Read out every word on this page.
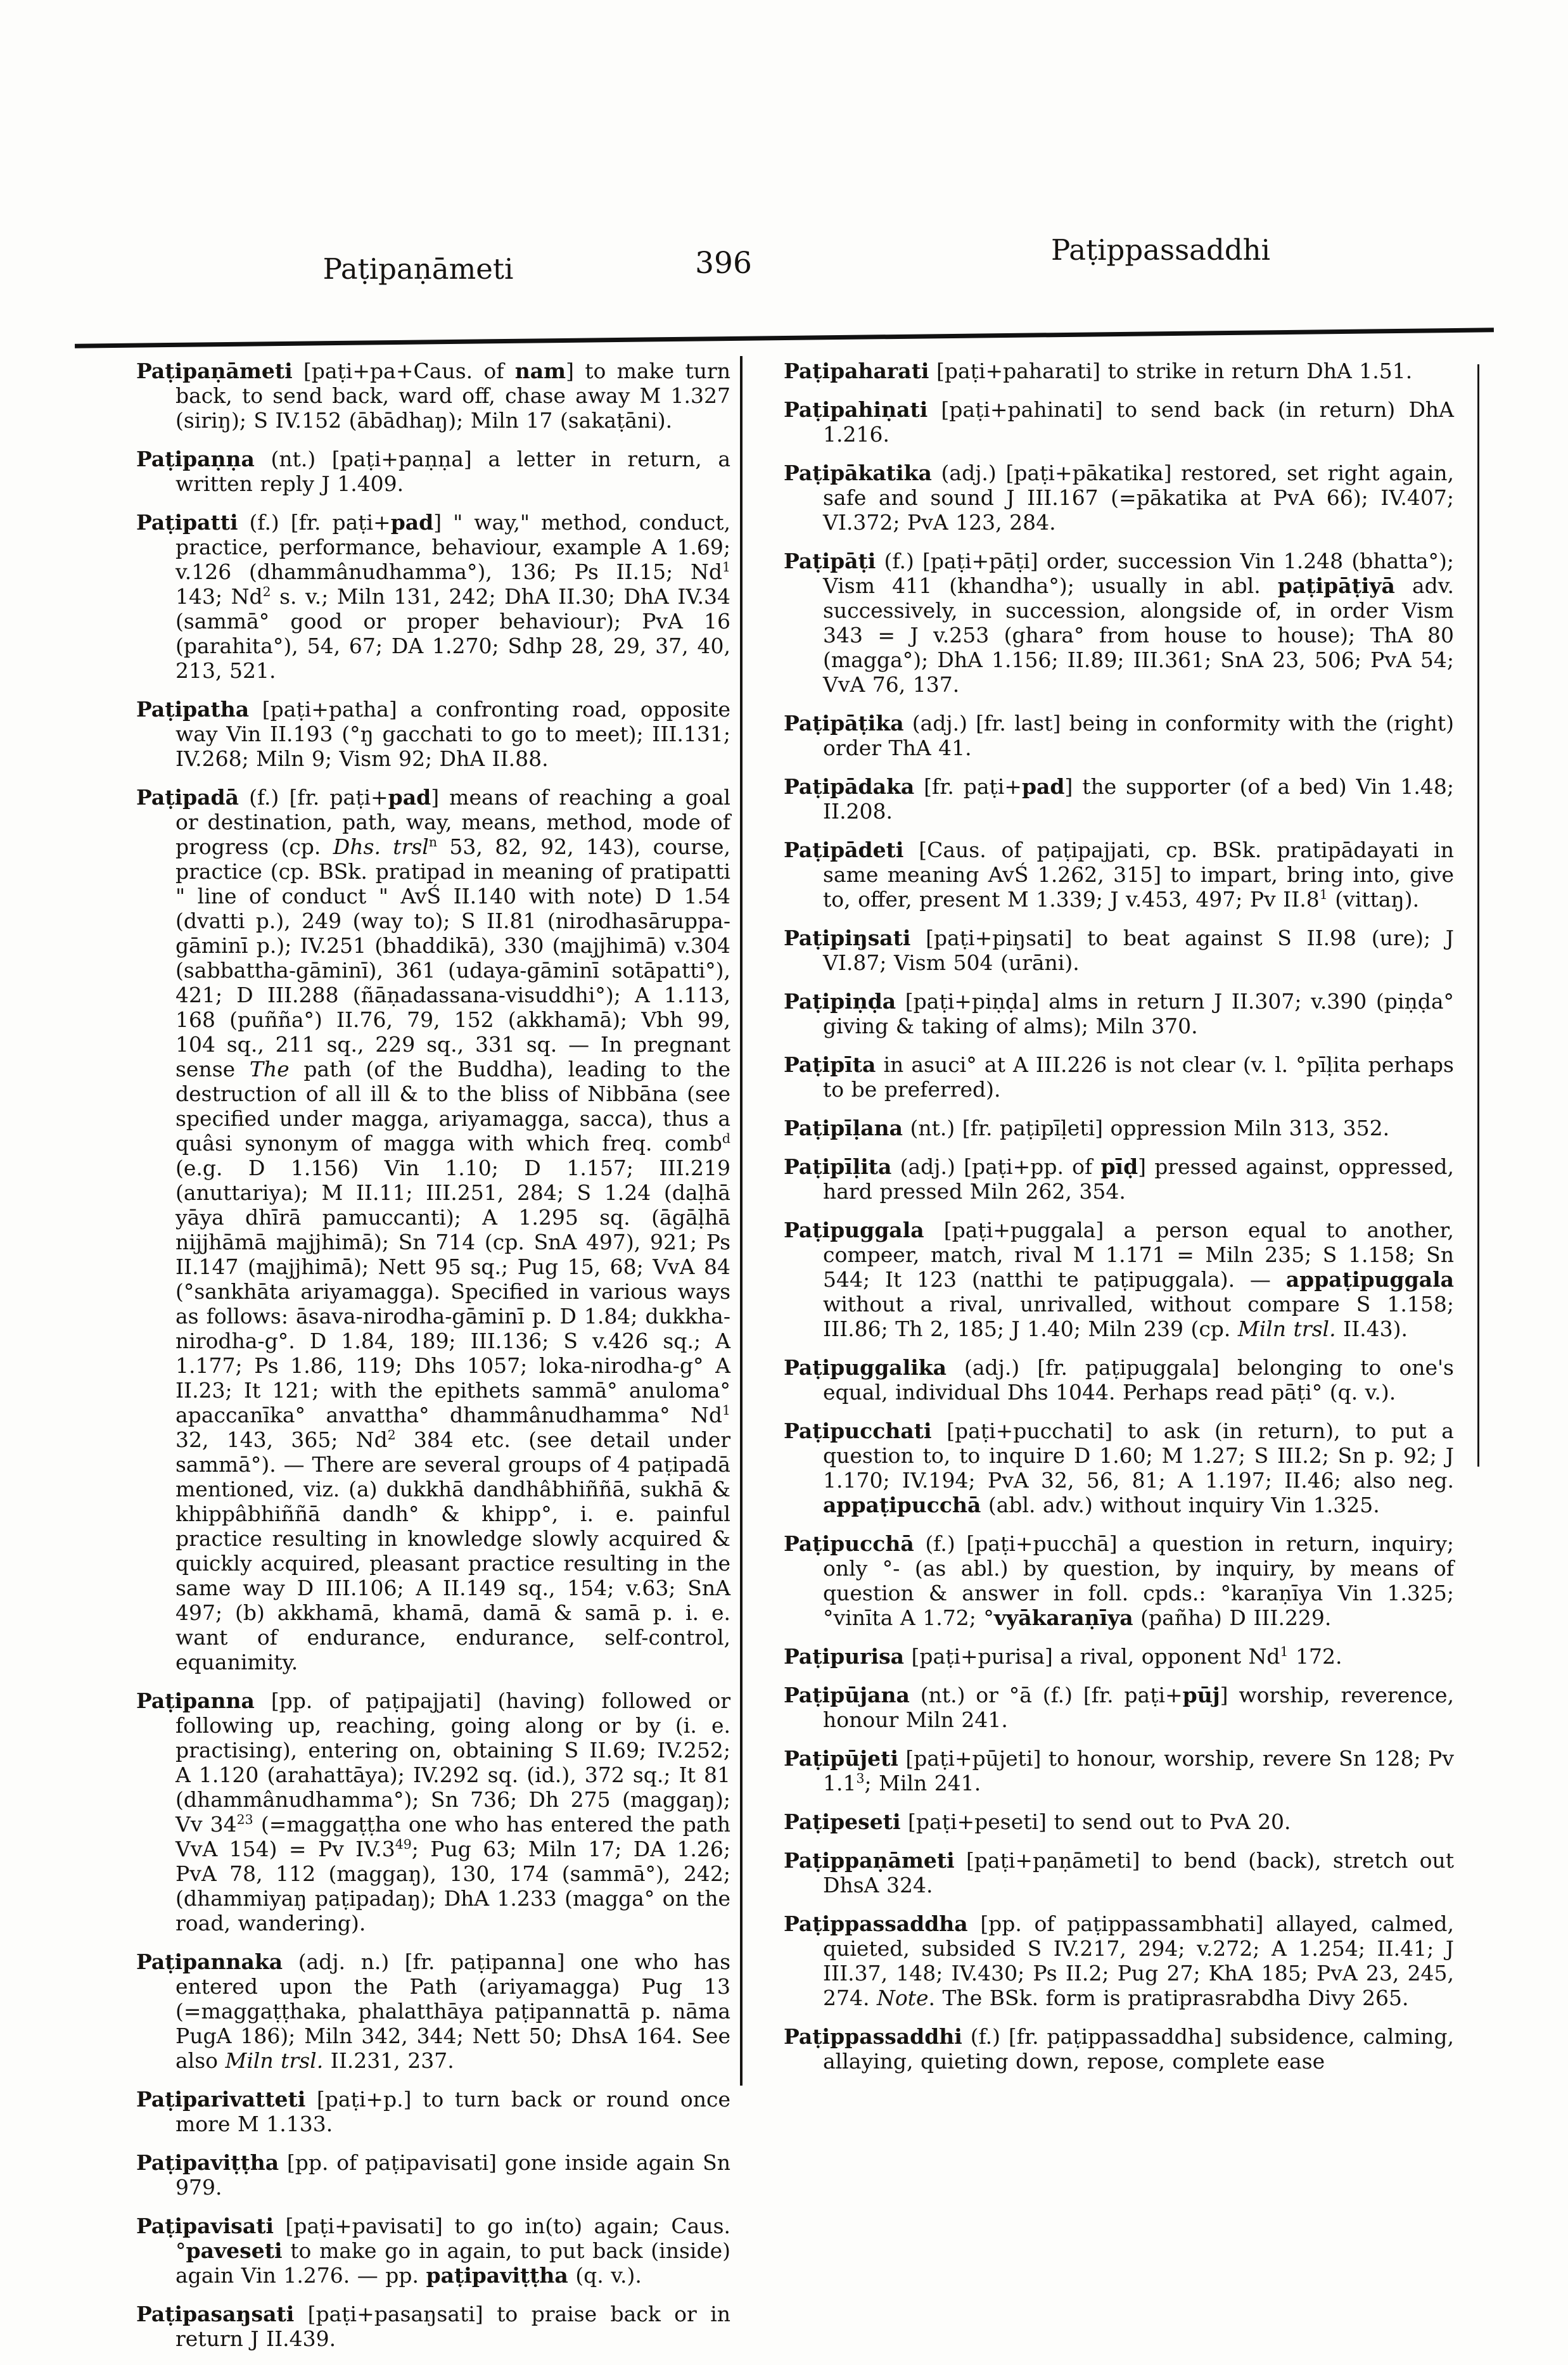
Paṭipaṇāmeti	396	Paṭippassaddhi
Paṭipaṇāmeti [paṭi+pa+Caus. of nam] to make turn back, to send back, ward off, chase away M 1.327 (siriŋ); S IV.152 (ābādhaŋ); Miln 17 (sakaṭāni).
Paṭipaṇṇa (nt.) [paṭi+paṇṇa] a letter in return, a written reply J 1.409.
Paṭipatti (f.) [fr. paṭi+pad] " way," method, conduct, practice, performance, behaviour, example A 1.69; v.126 (dhammânudhamma°), 136; Ps II.15; Nd$^1$ 143; Nd$^2$ s. v.; Miln 131, 242; DhA II.30; DhA IV.34 (sammā° good or proper behaviour); PvA 16 (parahita°), 54, 67; DA 1.270; Sdhp 28, 29, 37, 40, 213, 521.
Paṭipatha [paṭi+patha] a confronting road, opposite way Vin II.193 (°ŋ gacchati to go to meet); III.131; IV.268; Miln 9; Vism 92; DhA II.88.
Paṭipadā (f.) [fr. paṭi+pad] means of reaching a goal or destination, path, way, means, method, mode of progress (cp. Dhs. trsl$^n$ 53, 82, 92, 143), course, practice (cp. BSk. pratipad in meaning of pratipatti " line of conduct " AvŚ II.140 with note) D 1.54 (dvatti p.), 249 (way to); S II.81 (nirodhasāruppa-gāminī p.); IV.251 (bhaddikā), 330 (majjhimā) v.304 (sabbattha-gāminī), 361 (udaya-gāminī sotāpatti°), 421; D III.288 (ñāṇadassana-visuddhi°); A 1.113, 168 (puñña°) II.76, 79, 152 (akkhamā); Vbh 99, 104 sq., 211 sq., 229 sq., 331 sq. — In pregnant sense The path (of the Buddha), leading to the destruction of all ill & to the bliss of Nibbāna (see specified under magga, ariyamagga, sacca), thus a quâsi synonym of magga with which freq. comb$^d$ (e.g. D 1.156) Vin 1.10; D 1.157; III.219 (anuttariya); M II.11; III.251, 284; S 1.24 (daḷhā yāya dhīrā pamuccanti); A 1.295 sq. (āgāḷhā nijjhāmā majjhimā); Sn 714 (cp. SnA 497), 921; Ps II.147 (majjhimā); Nett 95 sq.; Pug 15, 68; VvA 84 (°sankhāta ariyamagga). Specified in various ways as follows: āsava-nirodha-gāminī p. D 1.84; dukkha-nirodha-g°. D 1.84, 189; III.136; S v.426 sq.; A 1.177; Ps 1.86, 119; Dhs 1057; loka-nirodha-g° A II.23; It 121; with the epithets sammā° anuloma° apaccanīka° anvattha° dhammânudhamma° Nd$^1$ 32, 143, 365; Nd$^2$ 384 etc. (see detail under sammā°). — There are several groups of 4 paṭipadā mentioned, viz. (a) dukkhā dandhâbhiññā, sukhā & khippâbhiññā dandh° & khipp°, i. e. painful practice resulting in knowledge slowly acquired & quickly acquired, pleasant practice resulting in the same way D III.106; A II.149 sq., 154; v.63; SnA 497; (b) akkhamā, khamā, damā & samā p. i. e. want of endurance, endurance, self-control, equanimity.
Paṭipanna [pp. of paṭipajjati] (having) followed or following up, reaching, going along or by (i. e. practising), entering on, obtaining S II.69; IV.252; A 1.120 (arahattāya); IV.292 sq. (id.), 372 sq.; It 81 (dhammânudhamma°); Sn 736; Dh 275 (maggaŋ); Vv $34^{23}$ (=maggaṭṭha one who has entered the path VvA 154) = Pv $IV.3^{49}$; Pug 63; Miln 17; DA 1.26; PvA 78, 112 (maggaŋ), 130, 174 (sammā°), 242; (dhammiyaŋ paṭipadaŋ); DhA 1.233 (magga° on the road, wandering).
Paṭipannaka (adj. n.) [fr. paṭipanna] one who has entered upon the Path (ariyamagga) Pug 13 (=maggaṭṭhaka, phalatthāya paṭipannattā p. nāma PugA 186); Miln 342, 344; Nett 50; DhsA 164. See also Miln trsl. II.231, 237.
Paṭiparivatteti [paṭi+p.] to turn back or round once more M 1.133.
Paṭipaviṭṭha [pp. of paṭipavisati] gone inside again Sn 979.
Paṭipavisati [paṭi+pavisati] to go in(to) again; Caus. °paveseti to make go in again, to put back (inside) again Vin 1.276. — pp. paṭipaviṭṭha (q. v.).
Paṭipasaŋsati [paṭi+pasaŋsati] to praise back or in return J II.439.
Paṭipaharati [paṭi+paharati] to strike in return DhA 1.51.
Paṭipahiṇati [paṭi+pahinati] to send back (in return) DhA 1.216.
Paṭipākatika (adj.) [paṭi+pākatika] restored, set right again, safe and sound J III.167 (=pākatika at PvA 66); IV.407; VI.372; PvA 123, 284.
Paṭipāṭi (f.) [paṭi+pāṭi] order, succession Vin 1.248 (bhatta°); Vism 411 (khandha°); usually in abl. paṭipāṭiyā adv. successively, in succession, alongside of, in order Vism 343 = J v.253 (ghara° from house to house); ThA 80 (magga°); DhA 1.156; II.89; III.361; SnA 23, 506; PvA 54; VvA 76, 137.
Paṭipāṭika (adj.) [fr. last] being in conformity with the (right) order ThA 41.
Paṭipādaka [fr. paṭi+pad] the supporter (of a bed) Vin 1.48; II.208.
Paṭipādeti [Caus. of paṭipajjati, cp. BSk. pratipādayati in same meaning AvŚ 1.262, 315] to impart, bring into, give to, offer, present M 1.339; J v.453, 497; Pv $II.8^1$ (vittaŋ).
Paṭipiŋsati [paṭi+piŋsati] to beat against S II.98 (ure); J VI.87; Vism 504 (urāni).
Paṭipiṇḍa [paṭi+piṇḍa] alms in return J II.307; v.390 (piṇḍa° giving & taking of alms); Miln 370.
Paṭipīta in asuci° at A III.226 is not clear (v. l. °pīḷita perhaps to be preferred).
Paṭipīḷana (nt.) [fr. paṭipīḷeti] oppression Miln 313, 352.
Paṭipīḷita (adj.) [paṭi+pp. of pīḍ] pressed against, oppressed, hard pressed Miln 262, 354.
Paṭipuggala [paṭi+puggala] a person equal to another, compeer, match, rival M 1.171 = Miln 235; S 1.158; Sn 544; It 123 (natthi te paṭipuggala). — appaṭipuggala without a rival, unrivalled, without compare S 1.158; III.86; Th 2, 185; J 1.40; Miln 239 (cp. Miln trsl. II.43).
Paṭipuggalika (adj.) [fr. paṭipuggala] belonging to one's equal, individual Dhs 1044. Perhaps read pāṭi° (q. v.).
Paṭipucchati [paṭi+pucchati] to ask (in return), to put a question to, to inquire D 1.60; M 1.27; S III.2; Sn p. 92; J 1.170; IV.194; PvA 32, 56, 81; A 1.197; II.46; also neg. appaṭipucchā (abl. adv.) without inquiry Vin 1.325.
Paṭipucchā (f.) [paṭi+pucchā] a question in return, inquiry; only °- (as abl.) by question, by inquiry, by means of question & answer in foll. cpds.: °karaṇīya Vin 1.325; °vinīta A 1.72; °vyākaraṇīya (pañha) D III.229.
Paṭipurisa [paṭi+purisa] a rival, opponent Nd$^1$ 172.
Paṭipūjana (nt.) or °ā (f.) [fr. paṭi+pūj] worship, reverence, honour Miln 241.
Paṭipūjeti [paṭi+pūjeti] to honour, worship, revere Sn 128; Pv $1.1^3$; Miln 241.
Paṭipeseti [paṭi+peseti] to send out to PvA 20.
Paṭippaṇāmeti [paṭi+paṇāmeti] to bend (back), stretch out DhsA 324.
Paṭippassaddha [pp. of paṭippassambhati] allayed, calmed, quieted, subsided S IV.217, 294; v.272; A 1.254; II.41; J III.37, 148; IV.430; Ps II.2; Pug 27; KhA 185; PvA 23, 245, 274. Note. The BSk. form is pratiprasrabdha Divy 265.
Paṭippassaddhi (f.) [fr. paṭippassaddha] subsidence, calming, allaying, quieting down, repose, complete ease
